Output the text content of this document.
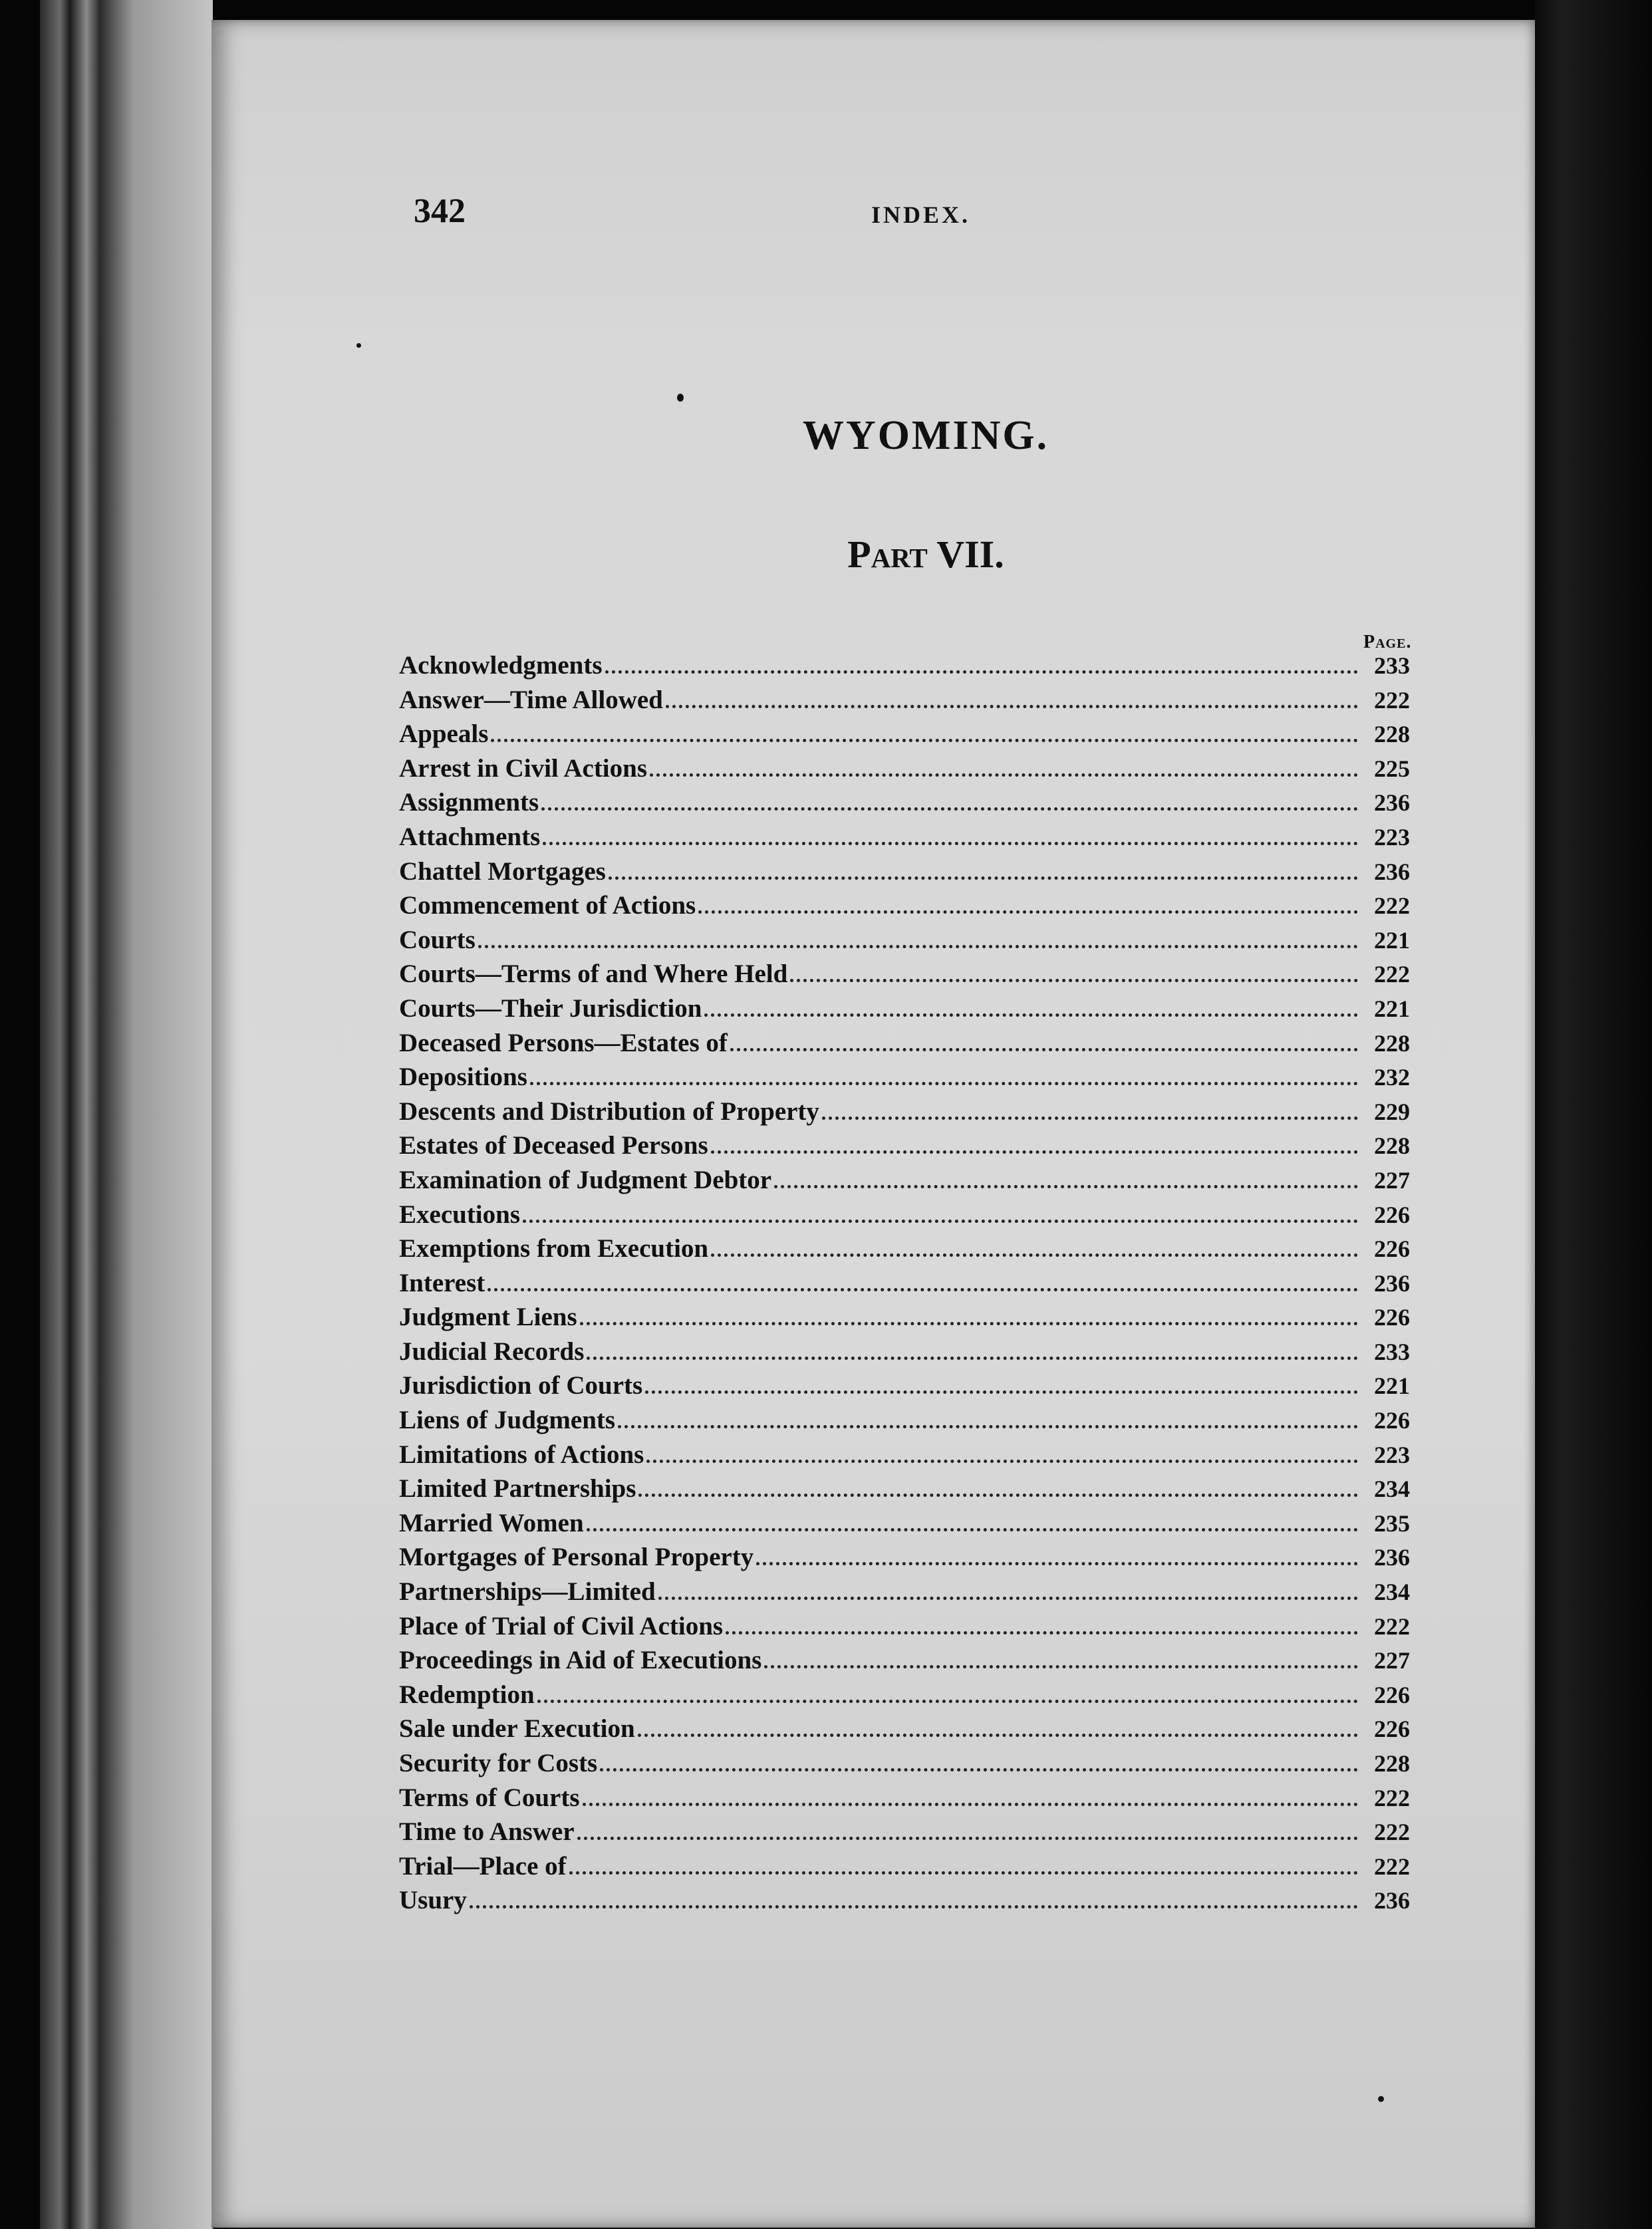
342	INDEX.
WYOMING.
Part VII.
Page.
Acknowledgments	233
Answer—Time Allowed	222
Appeals	228
Arrest in Civil Actions	225
Assignments	236
Attachments	223
Chattel Mortgages	236
Commencement of Actions	222
Courts	221
Courts—Terms of and Where Held	222
Courts—Their Jurisdiction	221
Deceased Persons—Estates of	228
Depositions	232
Descents and Distribution of Property	229
Estates of Deceased Persons	228
Examination of Judgment Debtor	227
Executions	226
Exemptions from Execution	226
Interest	236
Judgment Liens	226
Judicial Records	233
Jurisdiction of Courts	221
Liens of Judgments	226
Limitations of Actions	223
Limited Partnerships	234
Married Women	235
Mortgages of Personal Property	236
Partnerships—Limited	234
Place of Trial of Civil Actions	222
Proceedings in Aid of Executions	227
Redemption	226
Sale under Execution	226
Security for Costs	228
Terms of Courts	222
Time to Answer	222
Trial—Place of	222
Usury	236
